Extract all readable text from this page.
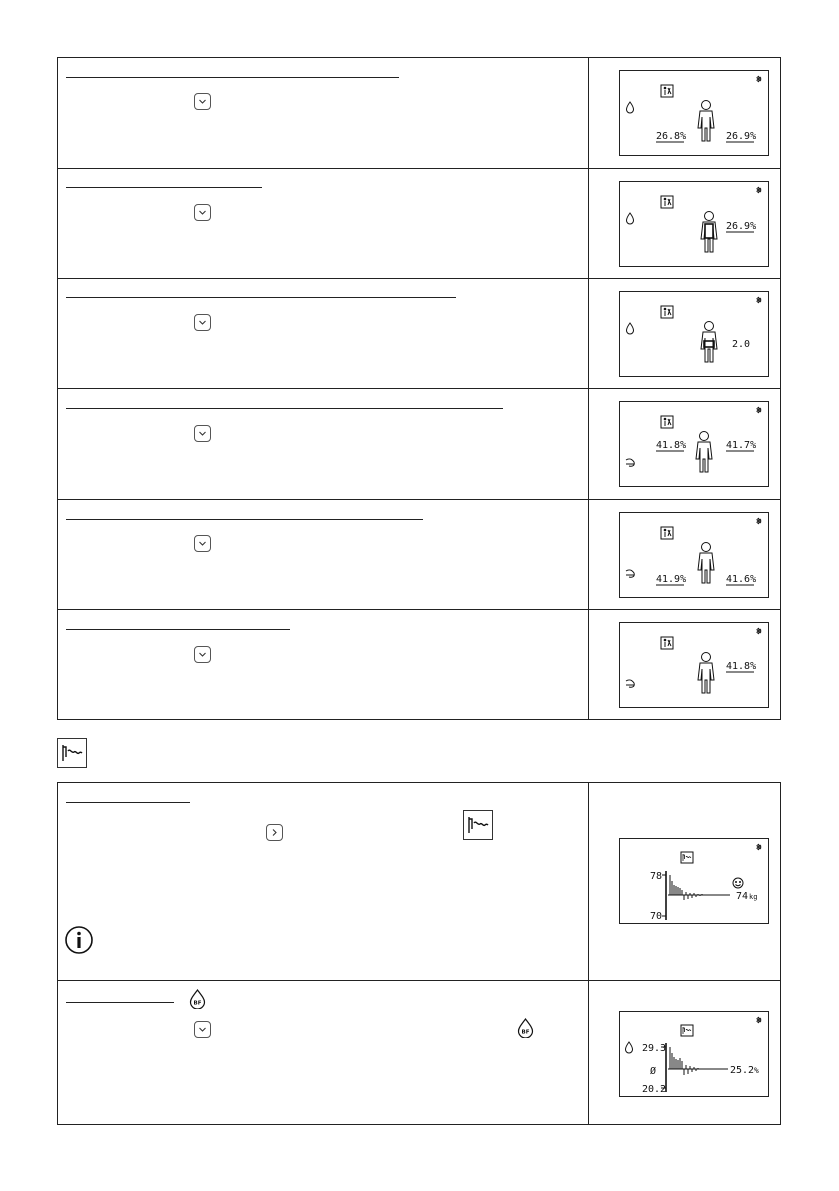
26.8%	26.9%
26.9%
2.0
41.8%	41.7%
41.9%	41.6%
41.8%
78
70
74 kg
BF
BF
29.3
Ø
20.2
25.2 %
